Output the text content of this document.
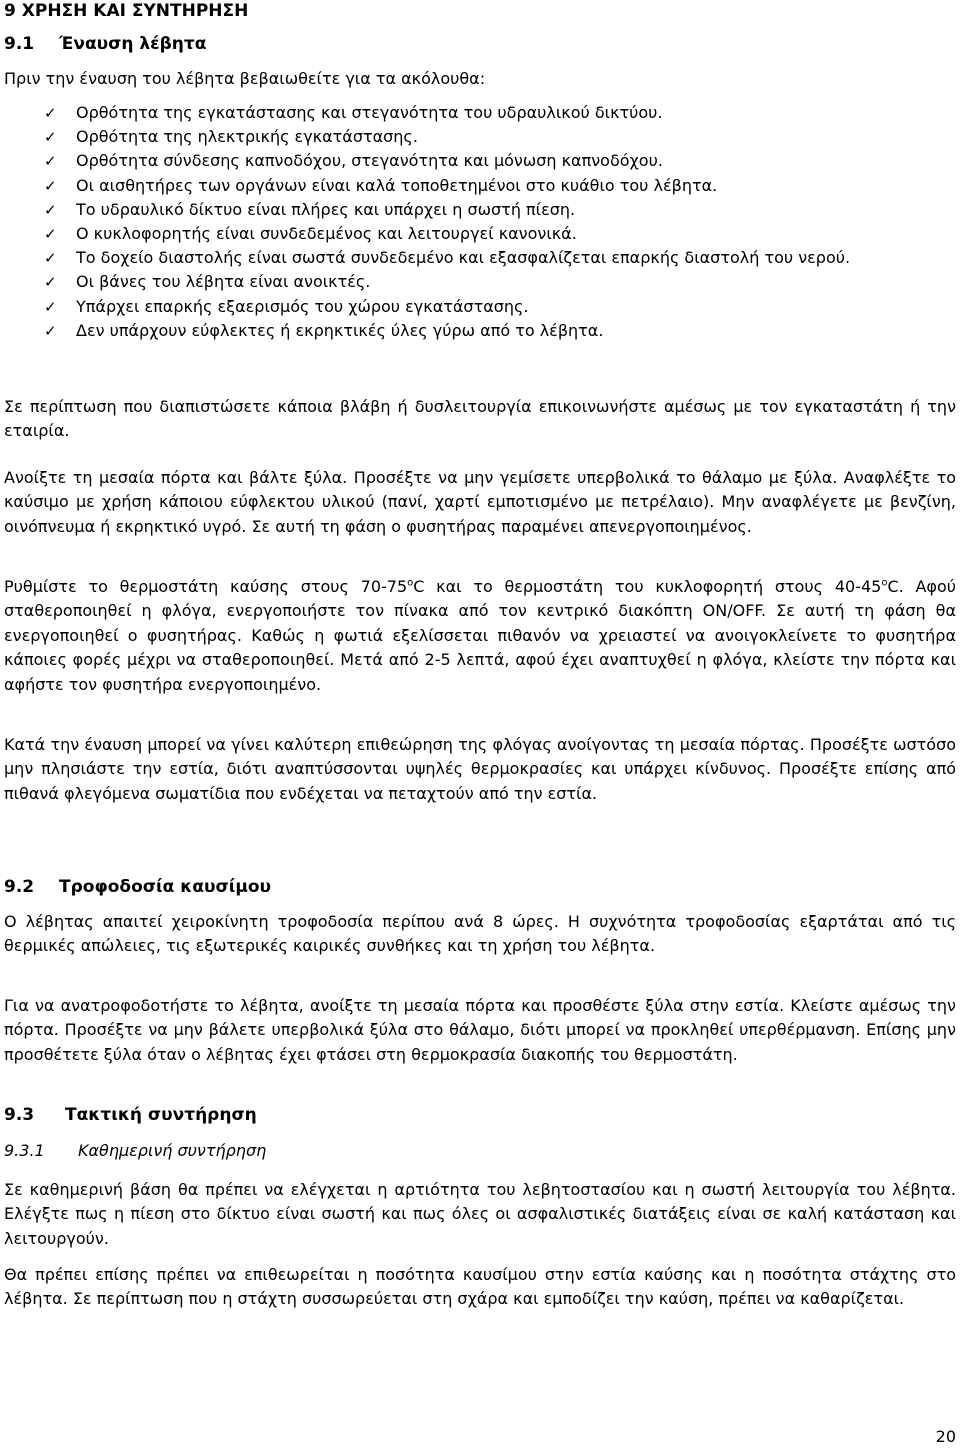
9 ΧΡΗΣΗ ΚΑΙ ΣΥΝΤΗΡΗΣΗ
9.1 Έναυση λέβητα

Πριν την έναυση του λέβητα βεβαιωθείτε για τα ακόλουθα:

✓ Ορθότητα της εγκατάστασης και στεγανότητα του υδραυλικού δικτύου.
✓ Ορθότητα της ηλεκτρικής εγκατάστασης.
✓ Ορθότητα σύνδεσης καπνοδόχου, στεγανότητα και μόνωση καπνοδόχου.
✓ Οι αισθητήρες των οργάνων είναι καλά τοποθετημένοι στο κυάθιο του λέβητα.
✓ Το υδραυλικό δίκτυο είναι πλήρες και υπάρχει η σωστή πίεση.
✓ Ο κυκλοφορητής είναι συνδεδεμένος και λειτουργεί κανονικά.
✓ Το δοχείο διαστολής είναι σωστά συνδεδεμένο και εξασφαλίζεται επαρκής διαστολή του νερού.
✓ Οι βάνες του λέβητα είναι ανοικτές.
✓ Υπάρχει επαρκής εξαερισμός του χώρου εγκατάστασης.
✓ Δεν υπάρχουν εύφλεκτες ή εκρηκτικές ύλες γύρω από το λέβητα.

Σε περίπτωση που διαπιστώσετε κάποια βλάβη ή δυσλειτουργία επικοινωνήστε αμέσως με τον εγκαταστάτη ή την εταιρία.

Ανοίξτε τη μεσαία πόρτα και βάλτε ξύλα. Προσέξτε να μην γεμίσετε υπερβολικά το θάλαμο με ξύλα. Αναφλέξτε το καύσιμο με χρήση κάποιου εύφλεκτου υλικού (πανί, χαρτί εμποτισμένο με πετρέλαιο). Μην αναφλέγετε με βενζίνη, οινόπνευμα ή εκρηκτικό υγρό. Σε αυτή τη φάση ο φυσητήρας παραμένει απενεργοποιημένος.

Ρυθμίστε το θερμοστάτη καύσης στους $70-75^oC$ και το θερμοστάτη του κυκλοφορητή στους $40-45^oC$. Αφού σταθεροποιηθεί η φλόγα, ενεργοποιήστε τον πίνακα από τον κεντρικό διακόπτη ON/OFF. Σε αυτή τη φάση θα ενεργοποιηθεί ο φυσητήρας. Καθώς η φωτιά εξελίσσεται πιθανόν να χρειαστεί να ανοιγοκλείνετε το φυσητήρα κάποιες φορές μέχρι να σταθεροποιηθεί. Μετά από 2-5 λεπτά, αφού έχει αναπτυχθεί η φλόγα, κλείστε την πόρτα και αφήστε τον φυσητήρα ενεργοποιημένο.

Κατά την έναυση μπορεί να γίνει καλύτερη επιθεώρηση της φλόγας ανοίγοντας τη μεσαία πόρτας. Προσέξτε ωστόσο μην πλησιάστε την εστία, διότι αναπτύσσονται υψηλές θερμοκρασίες και υπάρχει κίνδυνος. Προσέξτε επίσης από πιθανά φλεγόμενα σωματίδια που ενδέχεται να πεταχτούν από την εστία.

9.2 Τροφοδοσία καυσίμου

Ο λέβητας απαιτεί χειροκίνητη τροφοδοσία περίπου ανά 8 ώρες. Η συχνότητα τροφοδοσίας εξαρτάται από τις θερμικές απώλειες, τις εξωτερικές καιρικές συνθήκες και τη χρήση του λέβητα.

Για να ανατροφοδοτήστε το λέβητα, ανοίξτε τη μεσαία πόρτα και προσθέστε ξύλα στην εστία. Κλείστε αμέσως την πόρτα. Προσέξτε να μην βάλετε υπερβολικά ξύλα στο θάλαμο, διότι μπορεί να προκληθεί υπερθέρμανση. Επίσης μην προσθέτετε ξύλα όταν ο λέβητας έχει φτάσει στη θερμοκρασία διακοπής του θερμοστάτη.

9.3 Τακτική συντήρηση
9.3.1 Καθημερινή συντήρηση

Σε καθημερινή βάση θα πρέπει να ελέγχεται η αρτιότητα του λεβητοστασίου και η σωστή λειτουργία του λέβητα. Ελέγξτε πως η πίεση στο δίκτυο είναι σωστή και πως όλες οι ασφαλιστικές διατάξεις είναι σε καλή κατάσταση και λειτουργούν.

Θα πρέπει επίσης πρέπει να επιθεωρείται η ποσότητα καυσίμου στην εστία καύσης και η ποσότητα στάχτης στο λέβητα. Σε περίπτωση που η στάχτη συσσωρεύεται στη σχάρα και εμποδίζει την καύση, πρέπει να καθαρίζεται.

20
